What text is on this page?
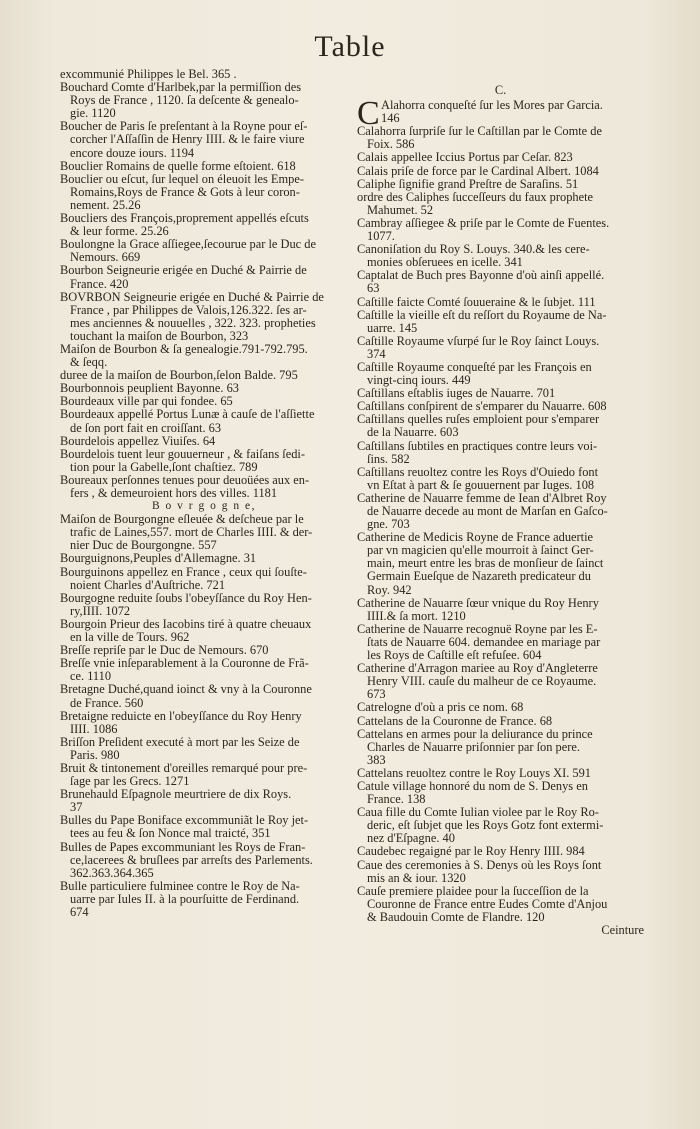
Table
excommunié Philippes le Bel. 365 .
Bouchard Comte d'Harlbek,par la permiſſion des
Roys de France , 1120. ſa deſcente & genealo-
gie. 1120
Boucher de Paris ſe preſentant à la Royne pour eſ-
corcher l'Aſſaſſin de Henry IIII. & le faire viure
encore douze iours. 1194
Bouclier Romains de quelle forme eſtoient. 618
Bouclier ou eſcut, ſur lequel on éleuoit les Empe-
Romains,Roys de France & Gots à leur coron-
nement. 25.26
Boucliers des François,proprement appellés eſcuts
& leur forme. 25.26
Boulongne la Grace aſſiegee,ſecourue par le Duc de
Nemours. 669
Bourbon Seigneurie erigée en Duché & Pairrie de
France. 420
BOVRBON Seigneurie erigée en Duché & Pairrie de
France , par Philippes de Valois,126.322. ſes ar-
mes anciennes & nouuelles , 322. 323. propheties
touchant la maiſon de Bourbon, 323
Maiſon de Bourbon & ſa genealogie.791-792.795.
& ſeqq.
duree de la maiſon de Bourbon,ſelon Balde. 795
Bourbonnois peuplient Bayonne. 63
Bourdeaux ville par qui fondee. 65
Bourdeaux appellé Portus Lunæ à cauſe de l'aſſiette
de ſon port fait en croiſſant. 63
Bourdelois appellez Viuiſes. 64
Bourdelois tuent leur gouuerneur , & faiſans ſedi-
tion pour la Gabelle,ſont chaſtiez. 789
Boureaux perſonnes tenues pour deuoüées aux en-
fers , & demeuroient hors des villes. 1181
B o v r g o g n e,
Maiſon de Bourgongne eſleuée & deſcheue par le
trafic de Laines,557. mort de Charles IIII. & der-
nier Duc de Bourgongne. 557
Bourguignons,Peuples d'Allemagne. 31
Bourguinons appellez en France , ceux qui ſouſte-
noient Charles d'Auſtriche. 721
Bourgogne reduite ſoubs l'obeyſſance du Roy Hen-
ry,IIII. 1072
Bourgoin Prieur des Iacobins tiré à quatre cheuaux
en la ville de Tours. 962
Breſſe repriſe par le Duc de Nemours. 670
Breſſe vnie inſeparablement à la Couronne de Frã-
ce. 1110
Bretagne Duché,quand ioinct & vny à la Couronne
de France. 560
Bretaigne reduicte en l'obeyſſance du Roy Henry
IIII. 1086
Briſſon Preſident executé à mort par les Seize de
Paris. 980
Bruit & tintonement d'oreilles remarqué pour pre-
ſage par les Grecs. 1271
Brunehauld Eſpagnole meurtriere de dix Roys.
37
Bulles du Pape Boniface excommuniãt le Roy jet-
tees au feu & ſon Nonce mal traicté, 351
Bulles de Papes excommuniant les Roys de Fran-
ce,lacerees & bruſlees par arreſts des Parlements.
362.363.364.365
Bulle particuliere fulminee contre le Roy de Na-
uarre par Iules II. à la pourſuitte de Ferdinand.
674
C.
C Alahorra conqueſté ſur les Mores par Garcia.
146
Calahorra ſurpriſe ſur le Caſtillan par le Comte de
Foix. 586
Calais appellee Iccius Portus par Ceſar. 823
Calais priſe de force par le Cardinal Albert. 1084
Caliphe ſignifie grand Preſtre de Saraſins. 51
ordre des Caliphes ſucceſſeurs du faux prophete
Mahumet. 52
Cambray aſſiegee & priſe par le Comte de Fuentes.
1077.
Canoniſation du Roy S. Louys. 340.& les cere-
monies obſeruees en icelle. 341
Captalat de Buch pres Bayonne d'où ainſi appellé.
63
Caſtille faicte Comté ſouueraine & le ſubjet. 111
Caſtille la vieille eſt du reſſort du Royaume de Na-
uarre. 145
Caſtille Royaume vſurpé ſur le Roy ſainct Louys.
374
Caſtille Royaume conqueſté par les François en
vingt-cinq iours. 449
Caſtillans eſtablis iuges de Nauarre. 701
Caſtillans conſpirent de s'emparer du Nauarre. 608
Caſtillans quelles ruſes emploient pour s'emparer
de la Nauarre. 603
Caſtillans ſubtiles en practiques contre leurs voi-
ſins. 582
Caſtillans reuoltez contre les Roys d'Ouiedo font
vn Eſtat à part & ſe gouuernent par Iuges. 108
Catherine de Nauarre femme de Iean d'Albret Roy
de Nauarre decede au mont de Marſan en Gaſco-
gne. 703
Catherine de Medicis Royne de France aduertie
par vn magicien qu'elle mourroit à ſainct Ger-
main, meurt entre les bras de monſieur de ſainct
Germain Eueſque de Nazareth predicateur du
Roy. 942
Catherine de Nauarre ſœur vnique du Roy Henry
IIII.& ſa mort. 1210
Catherine de Nauarre recognuë Royne par les E-
ſtats de Nauarre 604. demandee en mariage par
les Roys de Caſtille eſt refuſee. 604
Catherine d'Arragon mariee au Roy d'Angleterre
Henry VIII. cauſe du malheur de ce Royaume.
673
Catrelogne d'où a pris ce nom. 68
Cattelans de la Couronne de France. 68
Cattelans en armes pour la deliurance du prince
Charles de Nauarre priſonnier par ſon pere.
383
Cattelans reuoltez contre le Roy Louys XI. 591
Catule village honnoré du nom de S. Denys en
France. 138
Caua fille du Comte Iulian violee par le Roy Ro-
deric, eſt ſubjet que les Roys Gotz font extermi-
nez d'Eſpagne. 40
Caudebec regaigné par le Roy Henry IIII. 984
Caue des ceremonies à S. Denys où les Roys ſont
mis an & iour. 1320
Cauſe premiere plaidee pour la ſucceſſion de la
Couronne de France entre Eudes Comte d'Anjou
& Baudouin Comte de Flandre. 120
Ceinture
